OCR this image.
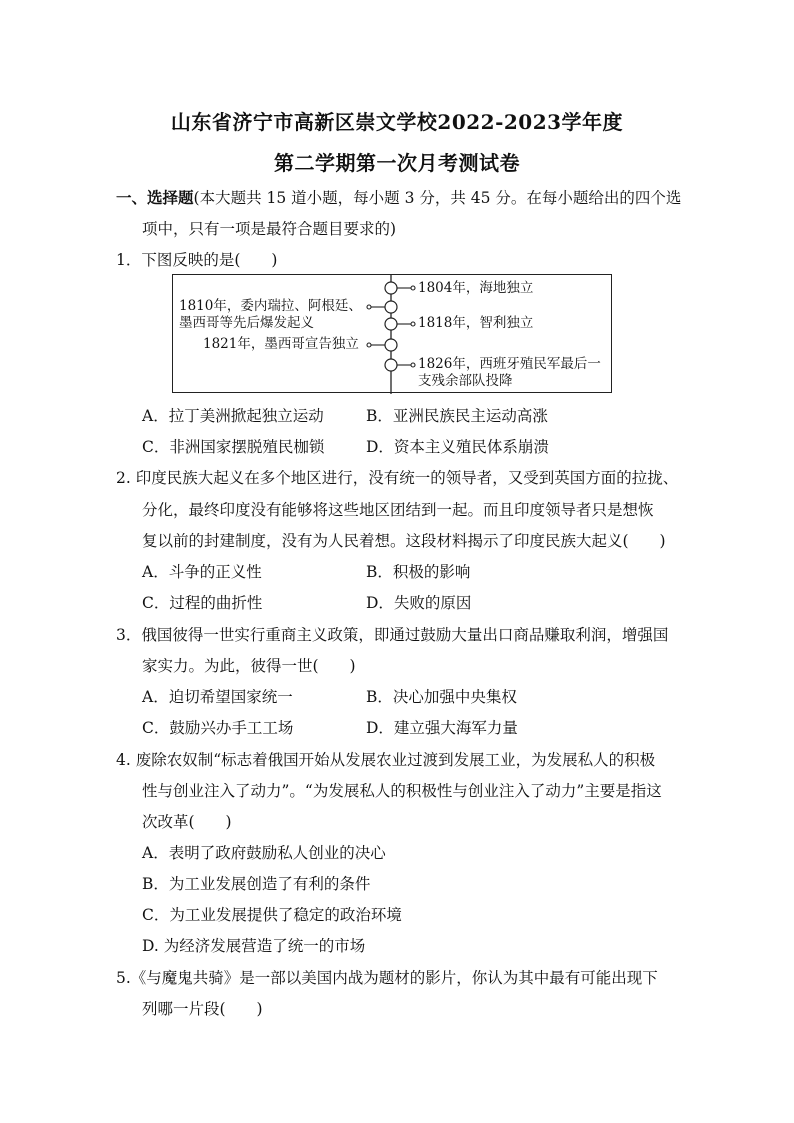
山东省济宁市高新区崇文学校2022-2023学年度
第二学期第一次月考测试卷
一、选择题(本大题共 15 道小题，每小题 3 分，共 45 分。在每小题给出的四个选
项中，只有一项是最符合题目要求的)
1．下图反映的是(　　)
1804年，海地独立
1810年，委内瑞拉、阿根廷、
墨西哥等先后爆发起义	1818年，智利独立
1821年，墨西哥宣告独立
1826年，西班牙殖民军最后一
支残余部队投降
A．拉丁美洲掀起独立运动	B．亚洲民族民主运动高涨
C．非洲国家摆脱殖民枷锁	D．资本主义殖民体系崩溃
2. 印度民族大起义在多个地区进行，没有统一的领导者，又受到英国方面的拉拢、
分化，最终印度没有能够将这些地区团结到一起。而且印度领导者只是想恢
复以前的封建制度，没有为人民着想。这段材料揭示了印度民族大起义(　　)
A．斗争的正义性	B．积极的影响
C．过程的曲折性	D．失败的原因
3．俄国彼得一世实行重商主义政策，即通过鼓励大量出口商品赚取利润，增强国
家实力。为此，彼得一世(　　)
A．迫切希望国家统一	B．决心加强中央集权
C．鼓励兴办手工工场	D．建立强大海军力量
4. 废除农奴制“标志着俄国开始从发展农业过渡到发展工业，为发展私人的积极
性与创业注入了动力”。“为发展私人的积极性与创业注入了动力”主要是指这
次改革(　　)
A．表明了政府鼓励私人创业的决心
B．为工业发展创造了有利的条件
C．为工业发展提供了稳定的政治环境
D. 为经济发展营造了统一的市场
5.《与魔鬼共骑》是一部以美国内战为题材的影片，你认为其中最有可能出现下
列哪一片段(　　)
